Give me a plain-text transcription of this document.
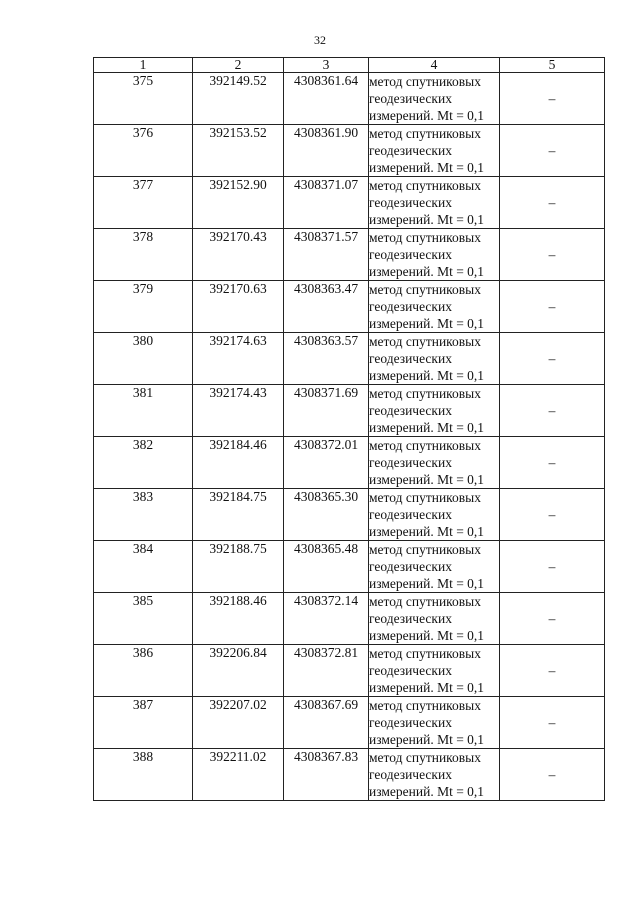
32
1	2	3	4	5
375	392149.52	4308361.64	метод спутниковых
геодезических
измерений. Mt = 0,1	–
376	392153.52	4308361.90	метод спутниковых
геодезических
измерений. Mt = 0,1	–
377	392152.90	4308371.07	метод спутниковых
геодезических
измерений. Mt = 0,1	–
378	392170.43	4308371.57	метод спутниковых
геодезических
измерений. Mt = 0,1	–
379	392170.63	4308363.47	метод спутниковых
геодезических
измерений. Mt = 0,1	–
380	392174.63	4308363.57	метод спутниковых
геодезических
измерений. Mt = 0,1	–
381	392174.43	4308371.69	метод спутниковых
геодезических
измерений. Mt = 0,1	–
382	392184.46	4308372.01	метод спутниковых
геодезических
измерений. Mt = 0,1	–
383	392184.75	4308365.30	метод спутниковых
геодезических
измерений. Mt = 0,1	–
384	392188.75	4308365.48	метод спутниковых
геодезических
измерений. Mt = 0,1	–
385	392188.46	4308372.14	метод спутниковых
геодезических
измерений. Mt = 0,1	–
386	392206.84	4308372.81	метод спутниковых
геодезических
измерений. Mt = 0,1	–
387	392207.02	4308367.69	метод спутниковых
геодезических
измерений. Mt = 0,1	–
388	392211.02	4308367.83	метод спутниковых
геодезических
измерений. Mt = 0,1	–
